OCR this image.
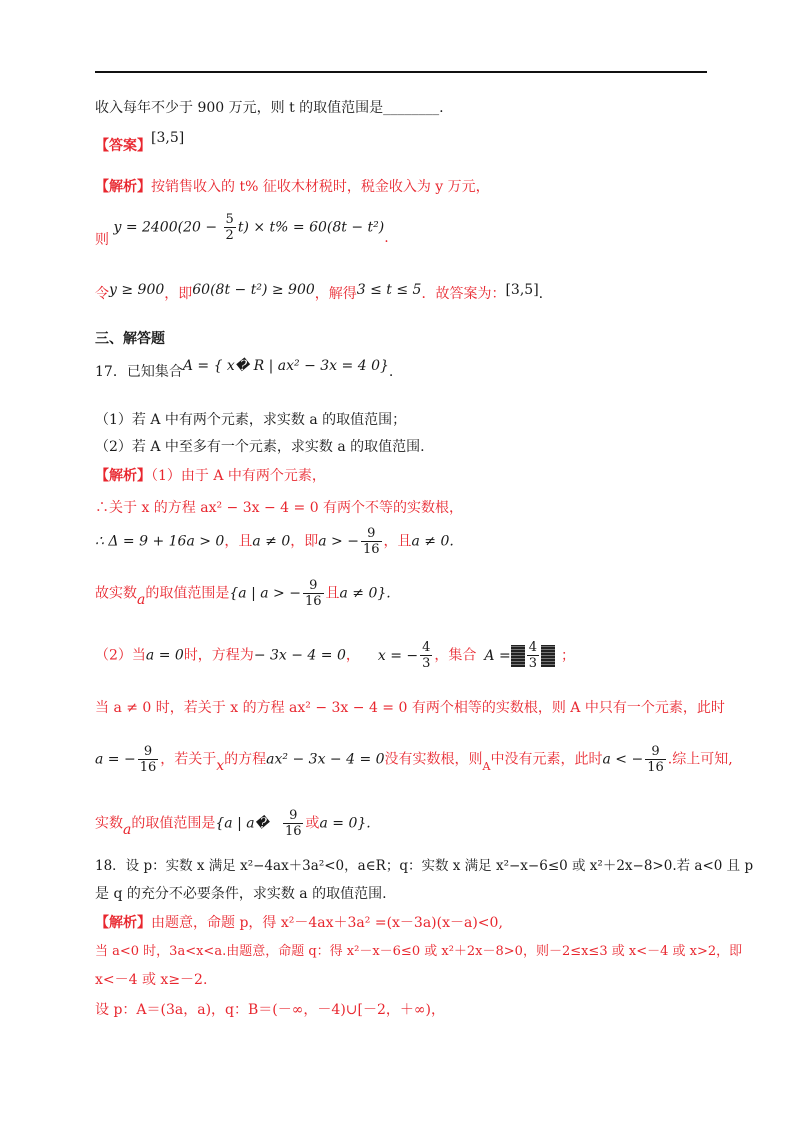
收入每年不少于 900 万元，则 t 的取值范围是________.
【答案】[3,5]
【解析】按销售收入的 t% 征收木材税时，税金收入为 y 万元，
则 $y = 2400(20 - \frac{5}{2} t) \times t\% = 60(8t - t^2)$.
令y ≥ 900，即60(8t − t²) ≥ 900，解得3 ≤ t ≤ 5．故答案为：[3,5].
三、解答题
17．已知集合A = { x� R | ax² − 3x = 4 0}.
（1）若 A 中有两个元素，求实数 a 的取值范围；
（2）若 A 中至多有一个元素，求实数 a 的取值范围.
【解析】（1）由于 A 中有两个元素，
∴关于 x 的方程 ax² − 3x − 4 = 0 有两个不等的实数根，
∴ Δ = 9 + 16a > 0，且a ≠ 0，即a > − $\frac{9}{16}$ ，且a ≠ 0.
故实数a的取值范围是{a | a > − $\frac{9}{16}$ 且a ≠ 0}.
（2）当a = 0时，方程为− 3x − 4 = 0， x = − $\frac{4}{3}$ ，集合 $A = \frac{4}{3}$ ；
当 a ≠ 0 时，若关于 x 的方程 ax² − 3x − 4 = 0 有两个相等的实数根，则 A 中只有一个元素，此时
a = − $\frac{9}{16}$ ，若关于x的方程ax² − 3x − 4 = 0没有实数根，则$_A$中没有元素，此时a < − $\frac{9}{16}$ .综上可知,
实数a的取值范围是{a | a� $\frac{9}{16}$ 或a = 0}.
18．设 p：实数 x 满足 x²−4ax＋3a²<0，a∈R；q：实数 x 满足 x²−x−6≤0 或 x²＋2x−8>0.若 a<0 且 p
是 q 的充分不必要条件，求实数 a 的取值范围.
【解析】由题意，命题 p，得 x²－4ax＋3a² =(x－3a)(x－a)<0,
当 a<0 时，3a<x<a.由题意，命题 q：得 x²－x－6≤0 或 x²＋2x－8>0，则－2≤x≤3 或 x<－4 或 x>2，即
x<－4 或 x≥－2.
设 p：A＝(3a，a)，q：B＝(－∞，－4)∪[－2，＋∞)，
